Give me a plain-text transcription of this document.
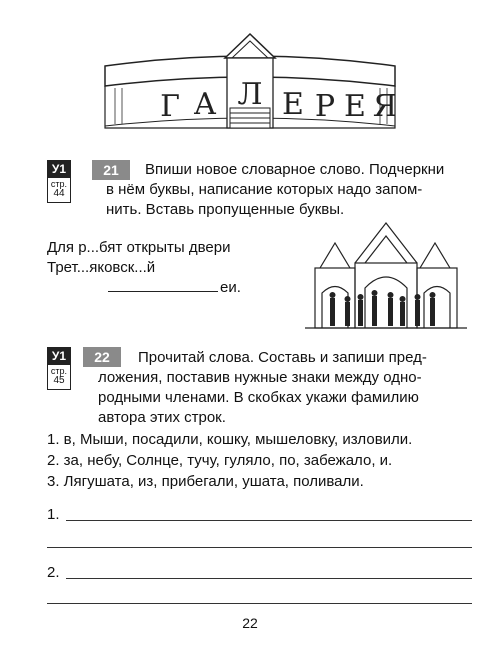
Г А Л Е Р Е Я
У1
стр.
44
21	Впиши новое словарное слово. Подчеркни
в нём буквы, написание которых надо запом-
нить. Вставь пропущенные буквы.
Для р...бят открыты двери
Трет...яковск...й
еи.
У1
стр.
45
22	Прочитай слова. Составь и запиши пред-
ложения, поставив нужные знаки между одно-
родными членами. В скобках укажи фамилию
автора этих строк.
1. в, Мыши, посадили, кошку, мышеловку, изловили.
2. за, небу, Солнце, тучу, гуляло, по, забежало, и.
3. Лягушата, из, прибегали, ушата, поливали.
1.
2.
22
